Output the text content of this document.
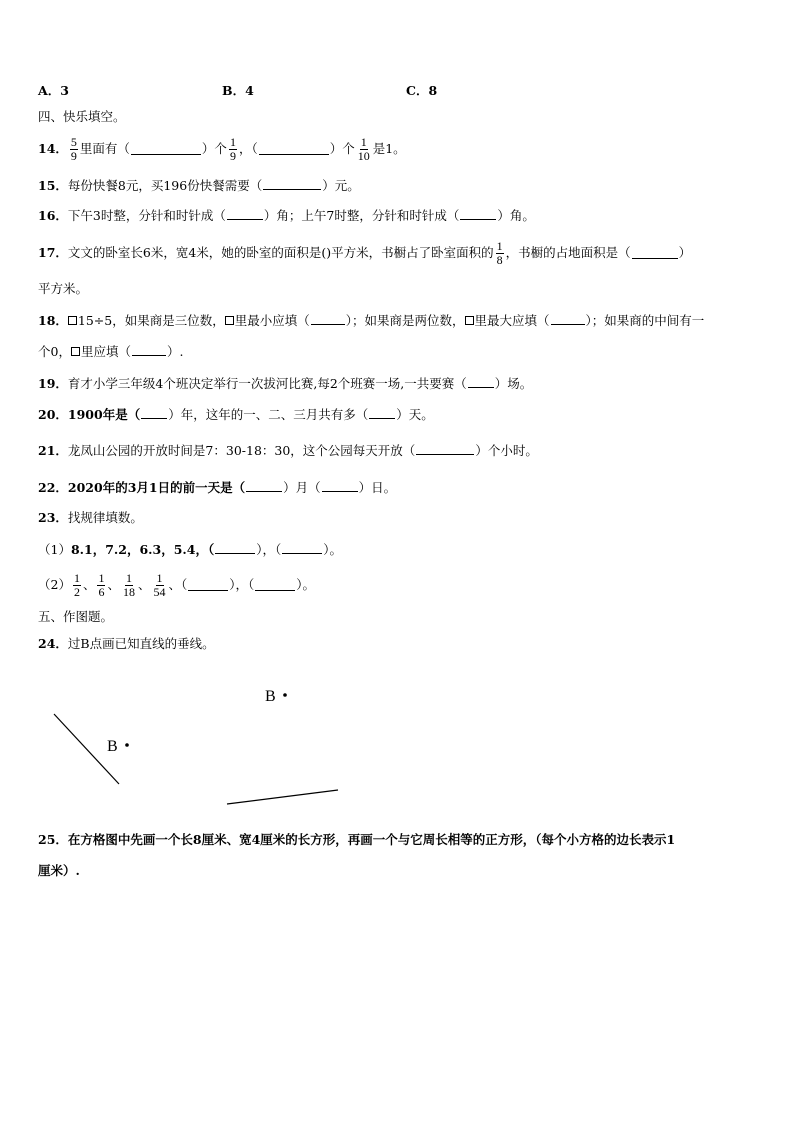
A．3	B．4	C．8
四、快乐填空。
14． $\frac{5}{9}$ 里面有（	）个 $\frac{1}{9}$ ，（	）个 $\frac{1}{10}$ 是1。
15．每份快餐8元，买196份快餐需要（	）元。
16．下午3时整，分针和时针成（	）角；上午7时整，分针和时针成（	）角。
17． 文文的卧室长6米，宽4米，她的卧室的面积是()平方米，书橱占了卧室面积的 $\frac{1}{8}$ ，书橱的占地面积是（	）
平方米。
18． 15÷5，如果商是三位数， 里最小应填（	）；如果商是两位数， 里最大应填（	）；如果商的中间有一
个0， 里应填（	）.
19．育才小学三年级4个班决定举行一次拔河比赛,每2个班赛一场,一共要赛（ ）场。
20．1900年是（ ）年，这年的一、二、三月共有多（ ）天。
21．龙凤山公园的开放时间是7：30-18：30，这个公园每天开放（	）个小时。
22．2020年的3月1日的前一天是（	）月（	）日。
23．找规律填数。
（1）8.1，7.2，6.3，5.4，（	），（	）。
$(2) \frac{1}{2}$ 、 $\frac{1}{6}$ 、 $\frac{1}{18}$ 、 $\frac{1}{54}$ 、（	），（	）。
五、作图题。
24．过B点画已知直线的垂线。
B
B
25．在方格图中先画一个长8厘米、宽4厘米的长方形，再画一个与它周长相等的正方形，（每个小方格的边长表示1
厘米）.
